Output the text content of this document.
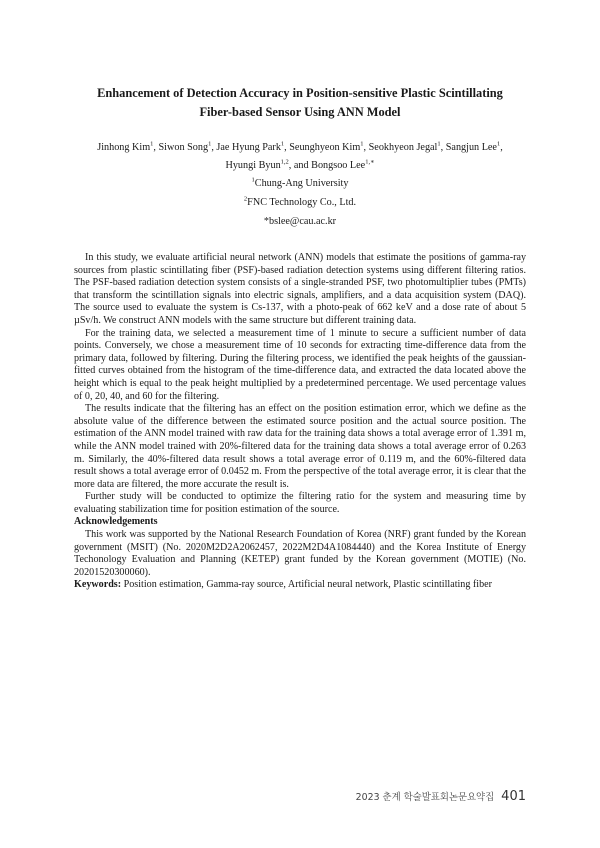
Enhancement of Detection Accuracy in Position-sensitive Plastic Scintillating
Fiber-based Sensor Using ANN Model
Jinhong Kim$^1$, Siwon Song$^1$, Jae Hyung Park$^1$, Seunghyeon Kim$^1$, Seokhyeon Jegal$^1$, Sangjun Lee$^1$,
Hyungi Byun$^{1,2}$, and Bongsoo Lee$^{1,∗}$
$^1$Chung-Ang University
$^2$FNC Technology Co., Ltd.
*bslee@cau.ac.kr

In this study, we evaluate artificial neural network (ANN) models that estimate the positions of gamma-ray sources from plastic scintillating fiber (PSF)-based radiation detection systems using different filtering ratios. The PSF-based radiation detection system consists of a single-stranded PSF, two photomultiplier tubes (PMTs) that transform the scintillation signals into electric signals, amplifiers, and a data acquisition system (DAQ). The source used to evaluate the system is Cs-137, with a photo-peak of 662 keV and a dose rate of about 5 µSv/h. We construct ANN models with the same structure but different training data.

For the training data, we selected a measurement time of 1 minute to secure a sufficient number of data points. Conversely, we chose a measurement time of 10 seconds for extracting time-difference data from the primary data, followed by filtering. During the filtering process, we identified the peak heights of the gaussian-fitted curves obtained from the histogram of the time-difference data, and extracted the data located above the height which is equal to the peak height multiplied by a predetermined percentage. We used percentage values of 0, 20, 40, and 60 for the filtering.

The results indicate that the filtering has an effect on the position estimation error, which we define as the absolute value of the difference between the estimated source position and the actual source position. The estimation of the ANN model trained with raw data for the training data shows a total average error of 1.391 m, while the ANN model trained with 20%-filtered data for the training data shows a total average error of 0.263 m. Similarly, the 40%-filtered data result shows a total average error of 0.119 m, and the 60%-filtered data result shows a total average error of 0.0452 m. From the perspective of the total average error, it is clear that the more data are filtered, the more accurate the result is.

Further study will be conducted to optimize the filtering ratio for the system and measuring time by evaluating stabilization time for position estimation of the source.

Acknowledgements

This work was supported by the National Research Foundation of Korea (NRF) grant funded by the Korean government (MSIT) (No. 2020M2D2A2062457, 2022M2D4A1084440) and the Korea Institute of Energy Techonology Evaluation and Planning (KETEP) grant funded by the Korean government (MOTIE) (No. 20201520300060).

Keywords: Position estimation, Gamma-ray source, Artificial neural network, Plastic scintillating fiber

2023 춘계 학술발표회논문요약집 401
